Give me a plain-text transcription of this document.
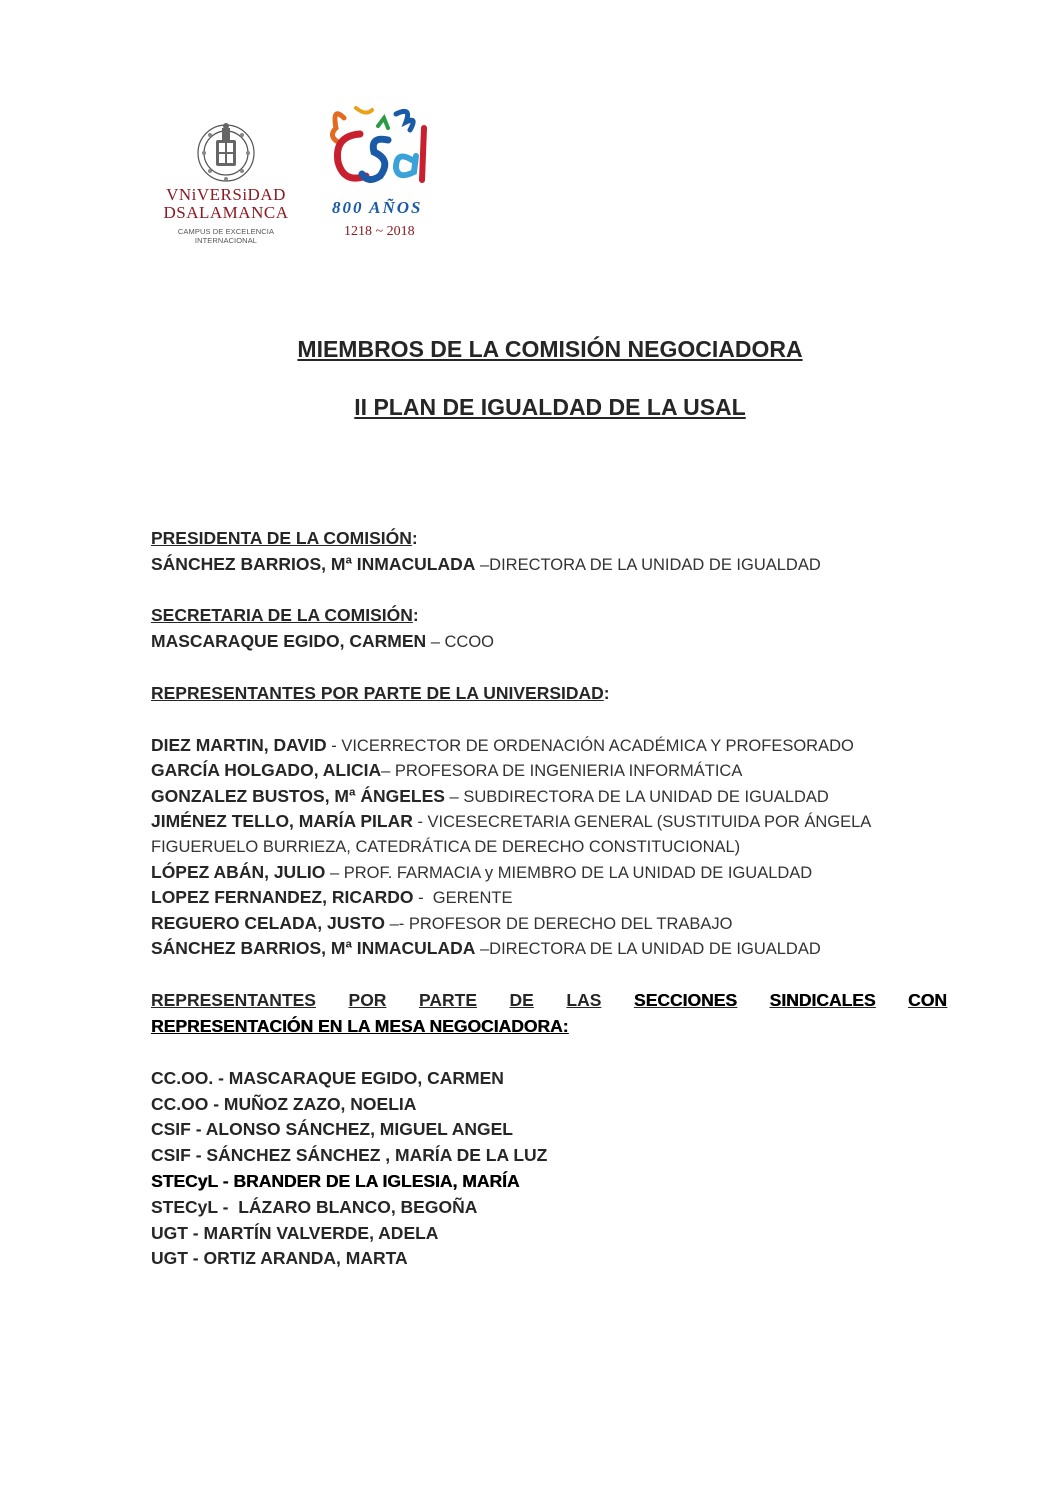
VNiVERSiDAD
DSALAMANCA
CAMPUS DE EXCELENCIA INTERNACIONAL
800 AÑOS
1218 ~ 2018
MIEMBROS DE LA COMISIÓN NEGOCIADORA
II PLAN DE IGUALDAD DE LA USAL
PRESIDENTA DE LA COMISIÓN:
SÁNCHEZ BARRIOS, Mª INMACULADA –DIRECTORA DE LA UNIDAD DE IGUALDAD
SECRETARIA DE LA COMISIÓN:
MASCARAQUE EGIDO, CARMEN – CCOO
REPRESENTANTES POR PARTE DE LA UNIVERSIDAD:
DIEZ MARTIN, DAVID - VICERRECTOR DE ORDENACIÓN ACADÉMICA Y PROFESORADO
GARCÍA HOLGADO, ALICIA– PROFESORA DE INGENIERIA INFORMÁTICA
GONZALEZ BUSTOS, Mª ÁNGELES – SUBDIRECTORA DE LA UNIDAD DE IGUALDAD
JIMÉNEZ TELLO, MARÍA PILAR - VICESECRETARIA GENERAL (SUSTITUIDA POR ÁNGELA
FIGUERUELO BURRIEZA, CATEDRÁTICA DE DERECHO CONSTITUCIONAL)
LÓPEZ ABÁN, JULIO – PROF. FARMACIA y MIEMBRO DE LA UNIDAD DE IGUALDAD
LOPEZ FERNANDEZ, RICARDO -  GERENTE
REGUERO CELADA, JUSTO –- PROFESOR DE DERECHO DEL TRABAJO
SÁNCHEZ BARRIOS, Mª INMACULADA –DIRECTORA DE LA UNIDAD DE IGUALDAD
REPRESENTANTES POR PARTE DE LAS SECCIONES SINDICALES CON
REPRESENTACIÓN EN LA MESA NEGOCIADORA:
CC.OO. - MASCARAQUE EGIDO, CARMEN
CC.OO - MUÑOZ ZAZO, NOELIA
CSIF - ALONSO SÁNCHEZ, MIGUEL ANGEL
CSIF - SÁNCHEZ SÁNCHEZ , MARÍA DE LA LUZ
STECyL - BRANDER DE LA IGLESIA, MARÍA
STECyL -  LÁZARO BLANCO, BEGOÑA
UGT - MARTÍN VALVERDE, ADELA
UGT - ORTIZ ARANDA, MARTA
